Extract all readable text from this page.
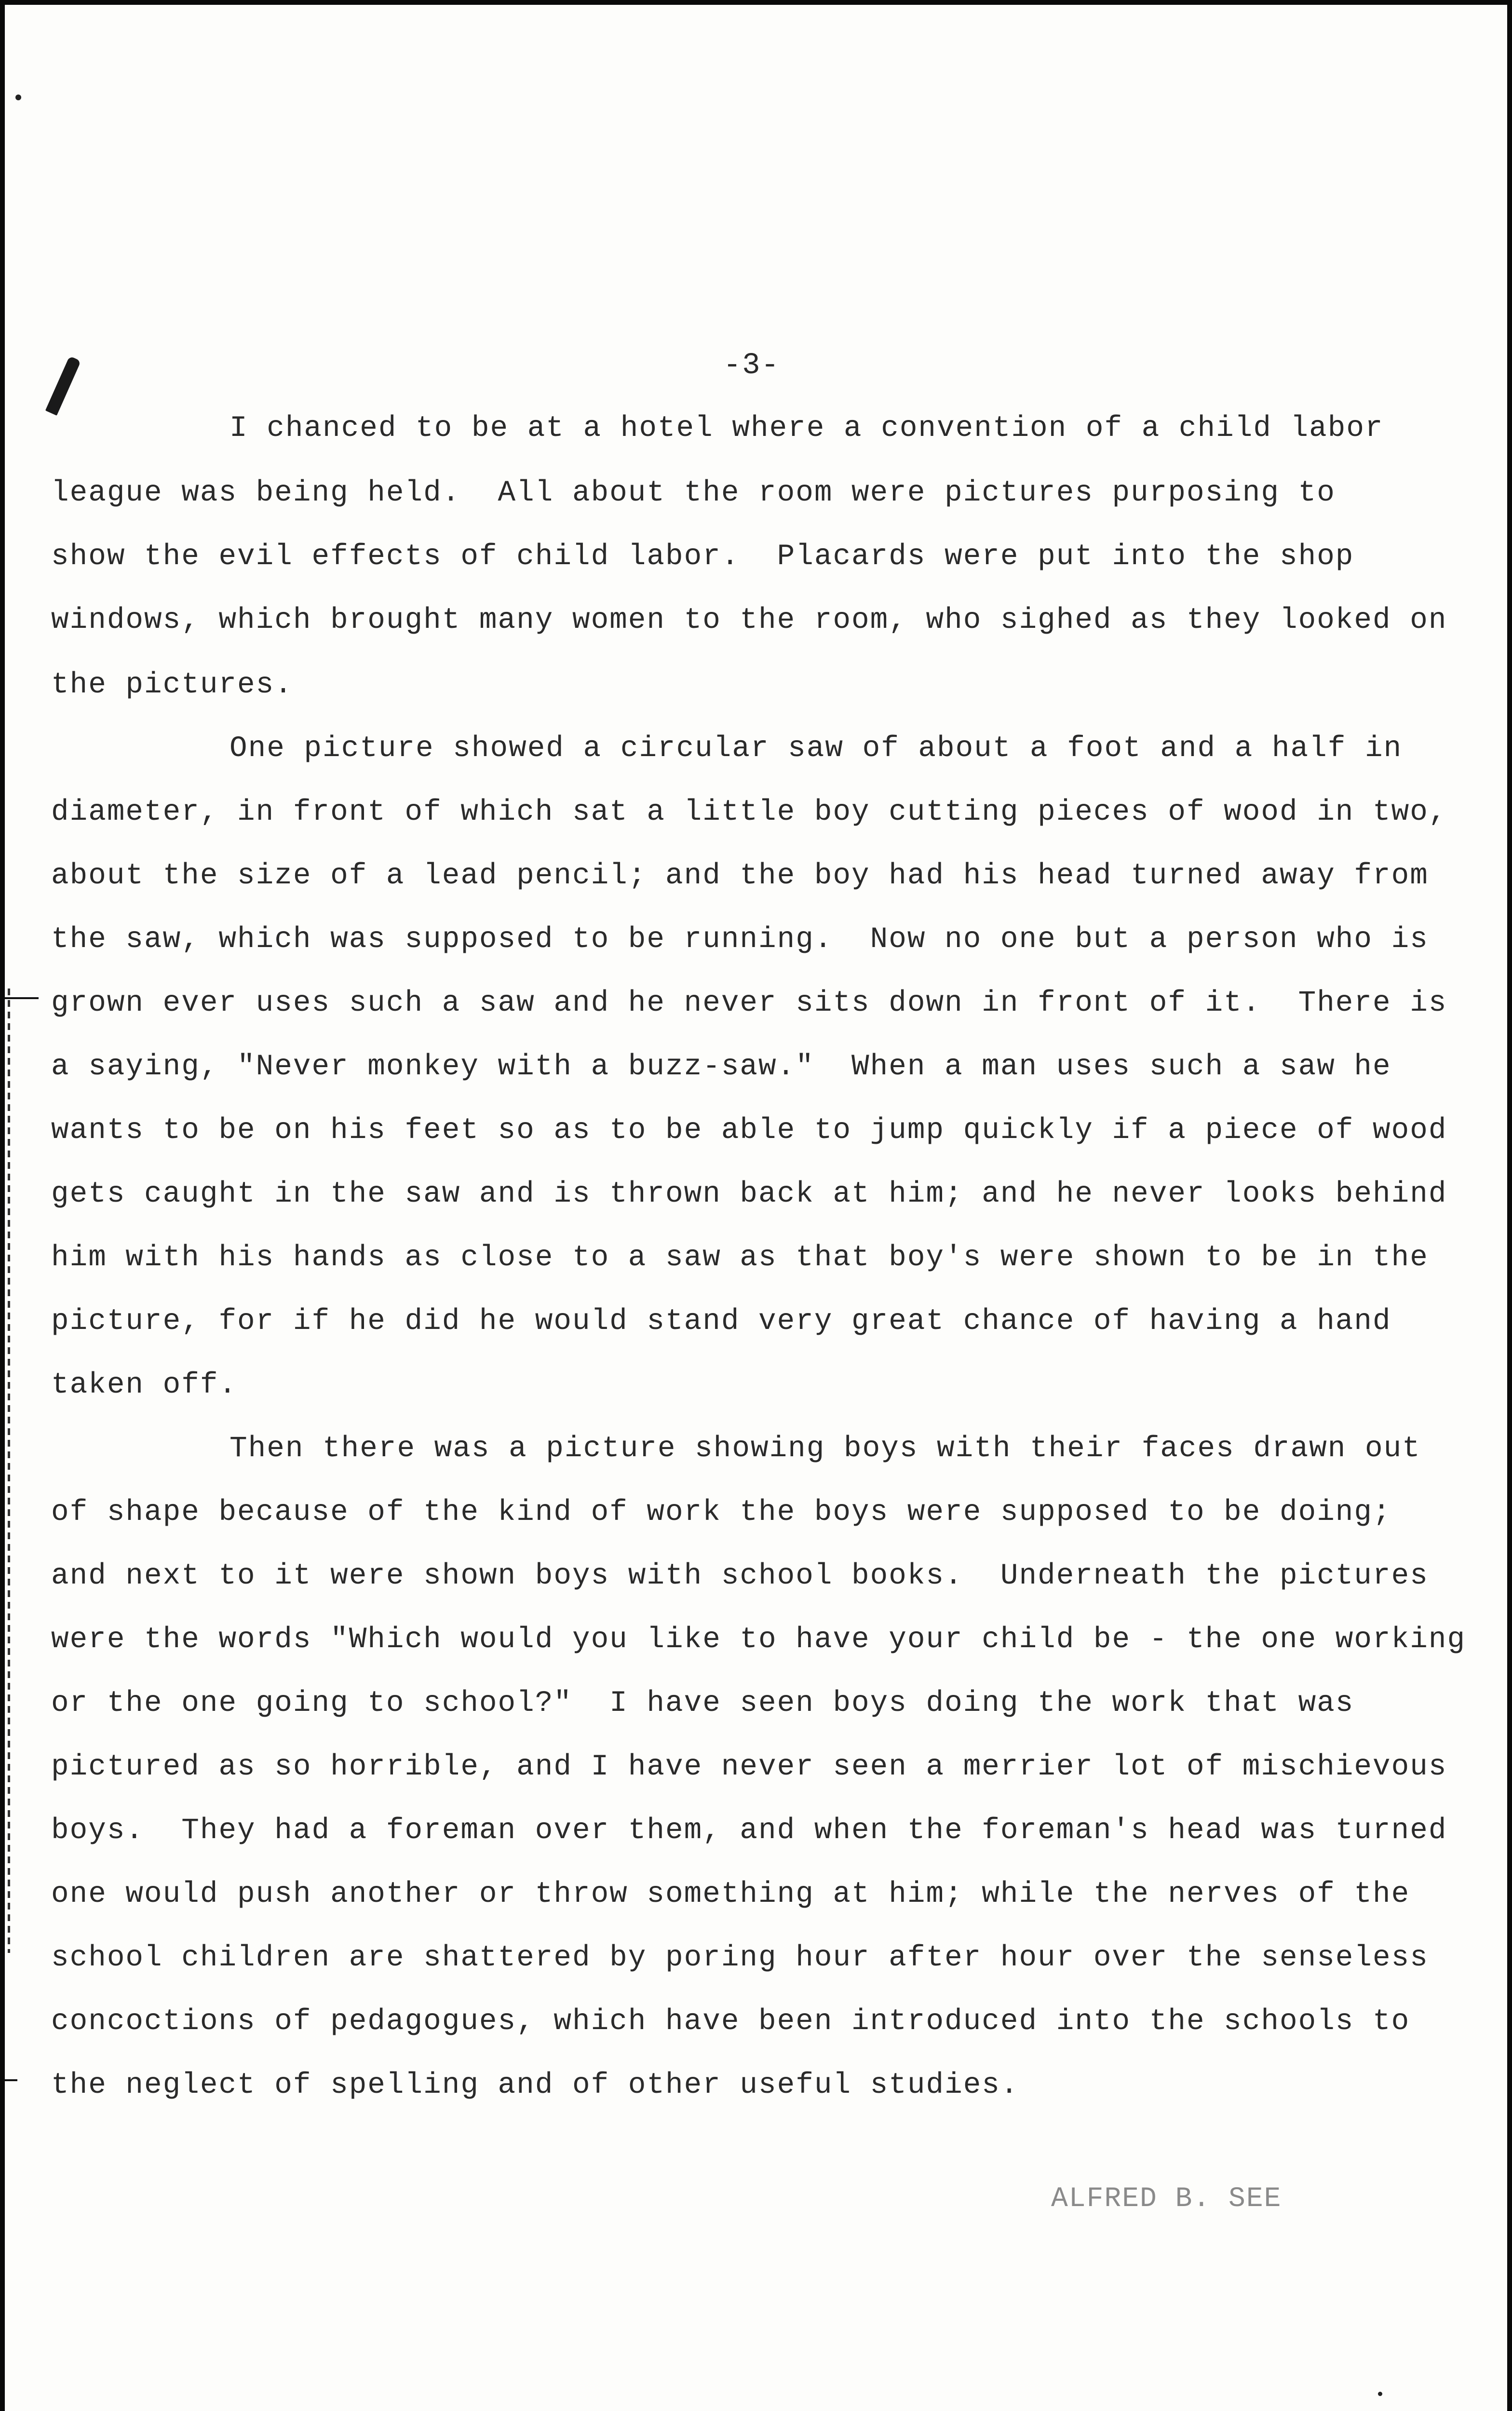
-3-
I chanced to be at a hotel where a convention of a child labor
league was being held.  All about the room were pictures purposing to
show the evil effects of child labor.  Placards were put into the shop
windows, which brought many women to the room, who sighed as they looked on
the pictures.
One picture showed a circular saw of about a foot and a half in
diameter, in front of which sat a little boy cutting pieces of wood in two,
about the size of a lead pencil; and the boy had his head turned away from
the saw, which was supposed to be running.  Now no one but a person who is
grown ever uses such a saw and he never sits down in front of it.  There is
a saying, "Never monkey with a buzz-saw."  When a man uses such a saw he
wants to be on his feet so as to be able to jump quickly if a piece of wood
gets caught in the saw and is thrown back at him; and he never looks behind
him with his hands as close to a saw as that boy's were shown to be in the
picture, for if he did he would stand very great chance of having a hand
taken off.
Then there was a picture showing boys with their faces drawn out
of shape because of the kind of work the boys were supposed to be doing;
and next to it were shown boys with school books.  Underneath the pictures
were the words "Which would you like to have your child be - the one working
or the one going to school?"  I have seen boys doing the work that was
pictured as so horrible, and I have never seen a merrier lot of mischievous
boys.  They had a foreman over them, and when the foreman's head was turned
one would push another or throw something at him; while the nerves of the
school children are shattered by poring hour after hour over the senseless
concoctions of pedagogues, which have been introduced into the schools to
the neglect of spelling and of other useful studies.
ALFRED B. SEE
